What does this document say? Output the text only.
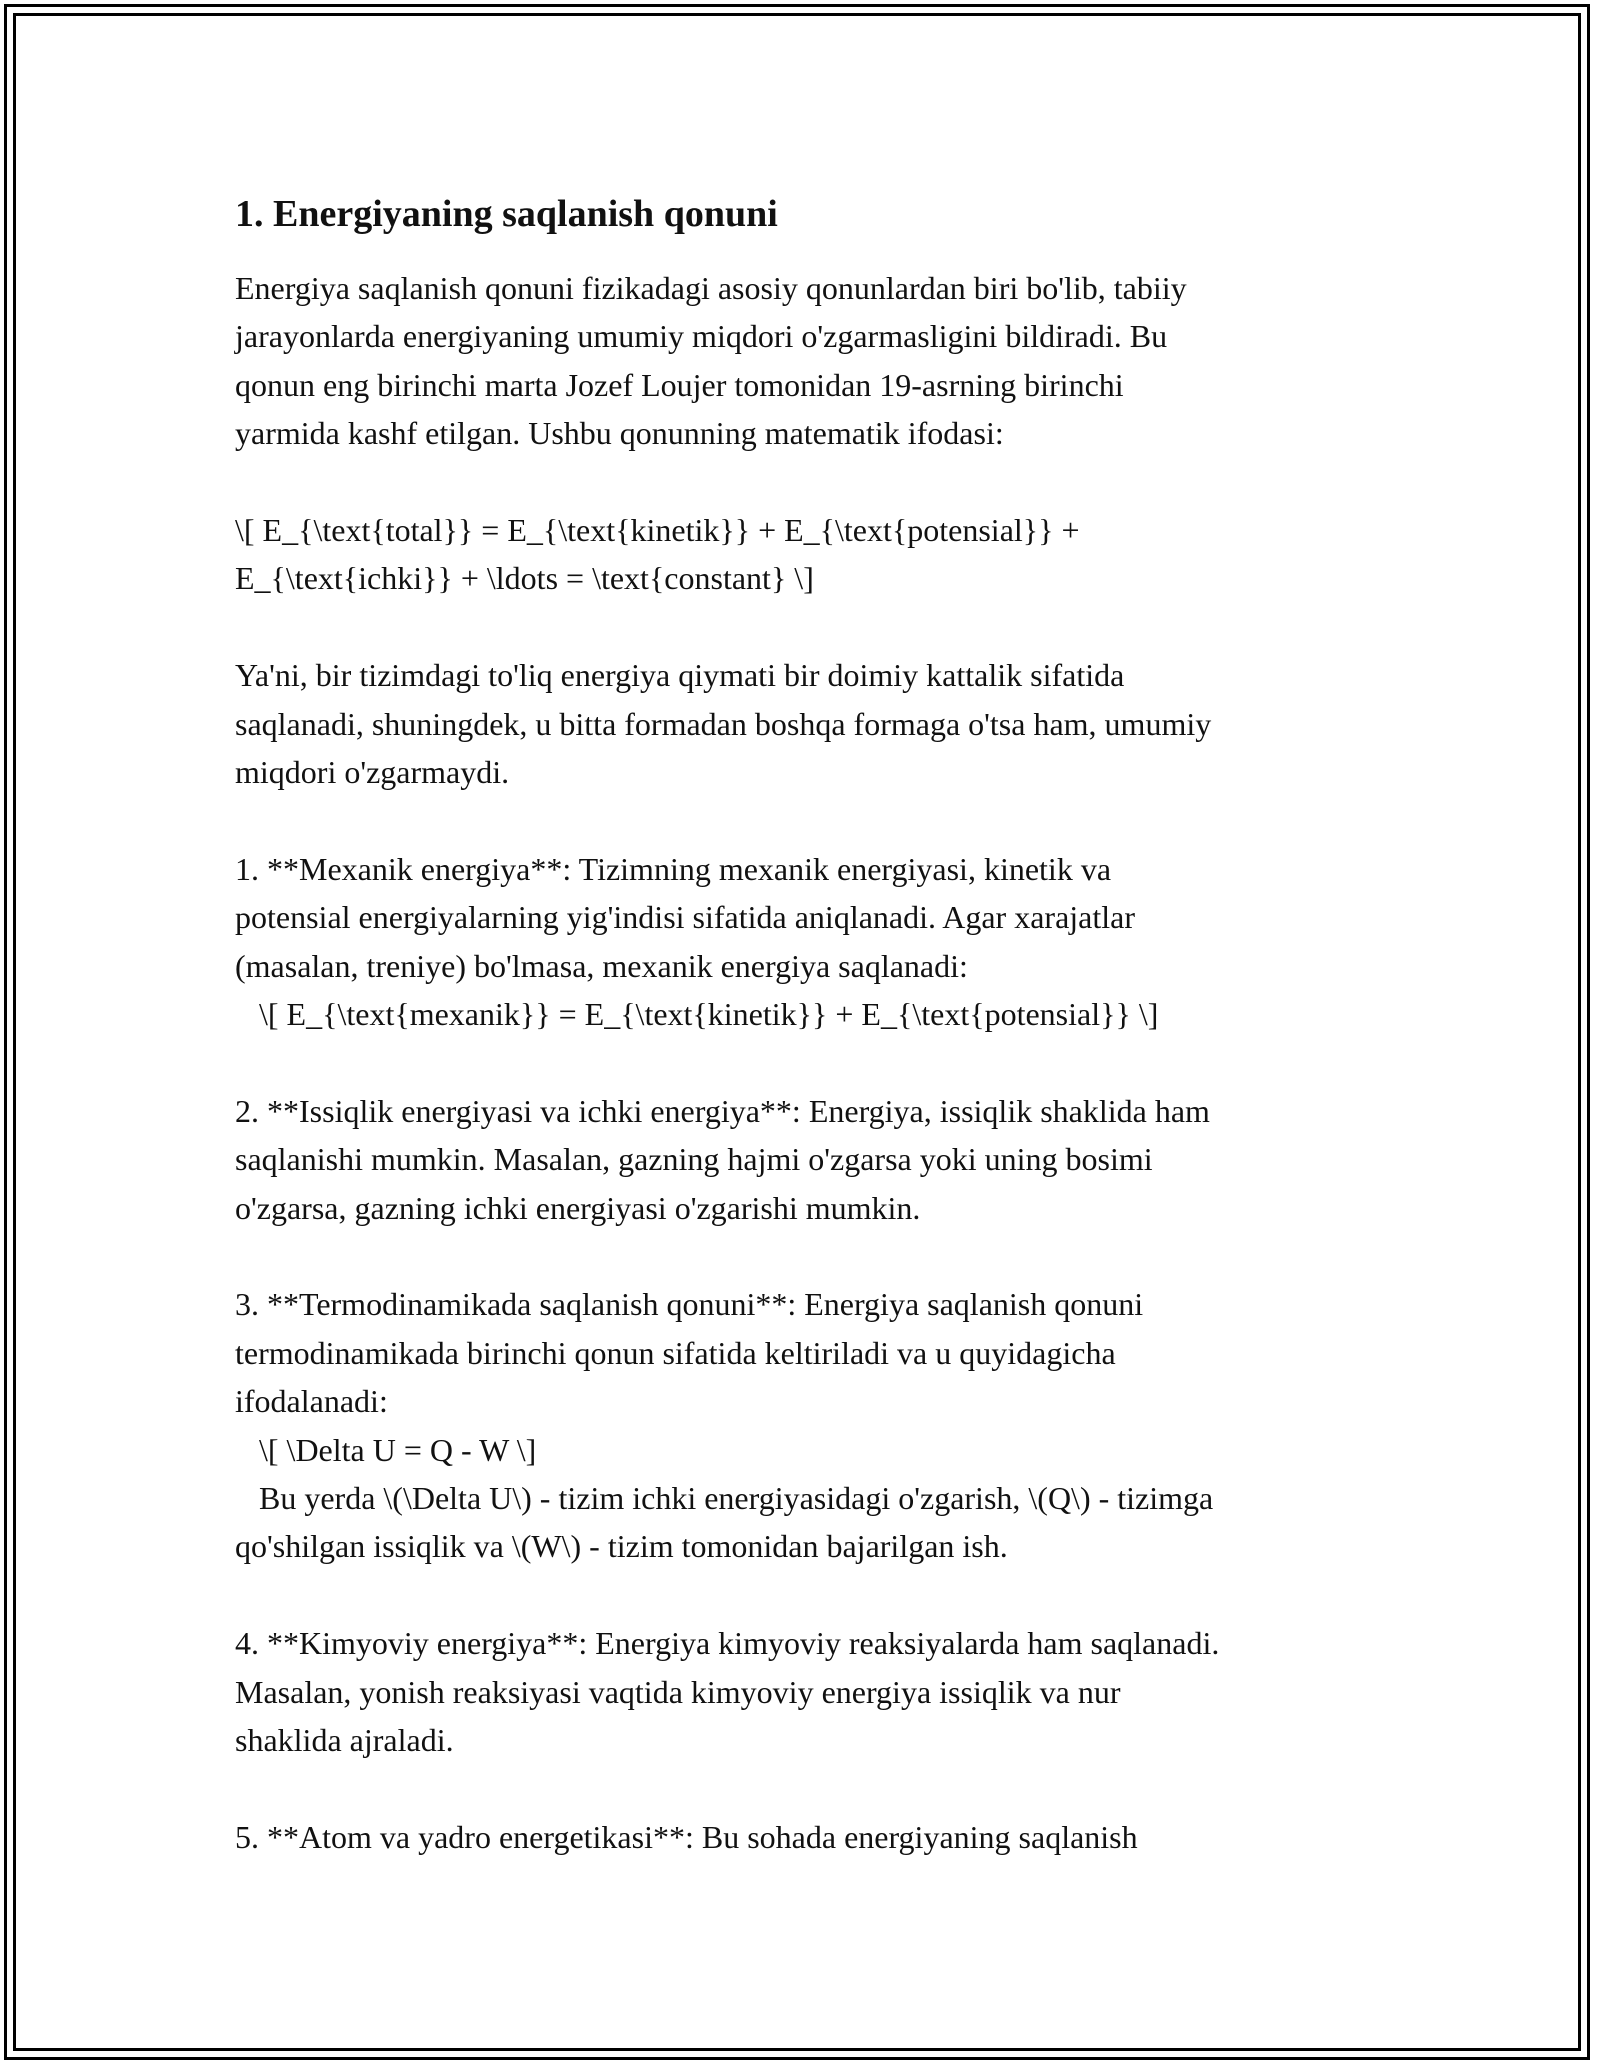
1. Energiyaning saqlanish qonuni

Energiya saqlanish qonuni fizikadagi asosiy qonunlardan biri bo'lib, tabiiy
jarayonlarda energiyaning umumiy miqdori o'zgarmasligini bildiradi. Bu
qonun eng birinchi marta Jozef Loujer tomonidan 19-asrning birinchi
yarmida kashf etilgan. Ushbu qonunning matematik ifodasi:

\[ E_{\text{total}} = E_{\text{kinetik}} + E_{\text{potensial}} +
E_{\text{ichki}} + \ldots = \text{constant} \]

Ya'ni, bir tizimdagi to'liq energiya qiymati bir doimiy kattalik sifatida
saqlanadi, shuningdek, u bitta formadan boshqa formaga o'tsa ham, umumiy
miqdori o'zgarmaydi.

1. **Mexanik energiya**: Tizimning mexanik energiyasi, kinetik va
potensial energiyalarning yig'indisi sifatida aniqlanadi. Agar xarajatlar
(masalan, treniye) bo'lmasa, mexanik energiya saqlanadi:
\[ E_{\text{mexanik}} = E_{\text{kinetik}} + E_{\text{potensial}} \]

2. **Issiqlik energiyasi va ichki energiya**: Energiya, issiqlik shaklida ham
saqlanishi mumkin. Masalan, gazning hajmi o'zgarsa yoki uning bosimi
o'zgarsa, gazning ichki energiyasi o'zgarishi mumkin.

3. **Termodinamikada saqlanish qonuni**: Energiya saqlanish qonuni
termodinamikada birinchi qonun sifatida keltiriladi va u quyidagicha
ifodalanadi:
\[ \Delta U = Q - W \]
Bu yerda \(\Delta U\) - tizim ichki energiyasidagi o'zgarish, \(Q\) - tizimga
qo'shilgan issiqlik va \(W\) - tizim tomonidan bajarilgan ish.

4. **Kimyoviy energiya**: Energiya kimyoviy reaksiyalarda ham saqlanadi.
Masalan, yonish reaksiyasi vaqtida kimyoviy energiya issiqlik va nur
shaklida ajraladi.

5. **Atom va yadro energetikasi**: Bu sohada energiyaning saqlanish
